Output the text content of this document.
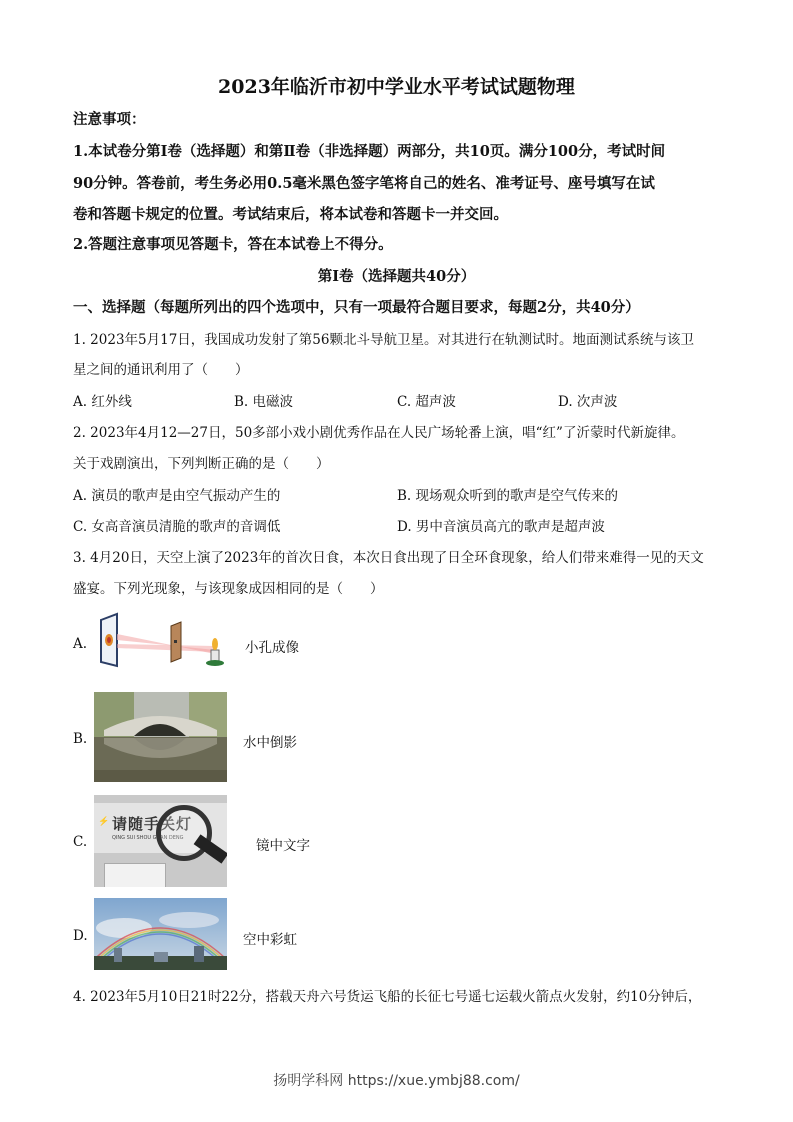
2023年临沂市初中学业水平考试试题物理
注意事项：
1.本试卷分第Ⅰ卷（选择题）和第Ⅱ卷（非选择题）两部分，共10页。满分100分，考试时间
90分钟。答卷前，考生务必用0.5毫米黑色签字笔将自己的姓名、准考证号、座号填写在试
卷和答题卡规定的位置。考试结束后，将本试卷和答题卡一并交回。
2.答题注意事项见答题卡，答在本试卷上不得分。
第Ⅰ卷（选择题共40分）
一、选择题（每题所列出的四个选项中，只有一项最符合题目要求，每题2分，共40分）
1. 2023年5月17日，我国成功发射了第56颗北斗导航卫星。对其进行在轨测试时。地面测试系统与该卫
星之间的通讯利用了（　　）
A. 红外线	B. 电磁波	C. 超声波	D. 次声波
2. 2023年4月12—27日，50多部小戏小剧优秀作品在人民广场轮番上演，唱“红”了沂蒙时代新旋律。
关于戏剧演出，下列判断正确的是（　　）
A. 演员的歌声是由空气振动产生的	B. 现场观众听到的歌声是空气传来的
C. 女高音演员清脆的歌声的音调低	D. 男中音演员高亢的歌声是超声波
3. 4月20日，天空上演了2023年的首次日食，本次日食出现了日全环食现象，给人们带来难得一见的天文
盛宴。下列光现象，与该现象成因相同的是（　　）
A.	小孔成像
B.	水中倒影
C.
⚡ 请随手关灯
QING SUI SHOU GUAN DENG	镜中文字
D.	空中彩虹
4. 2023年5月10日21时22分，搭载天舟六号货运飞船的长征七号遥七运载火箭点火发射，约10分钟后，
扬明学科网 https://xue.ymbj88.com/
